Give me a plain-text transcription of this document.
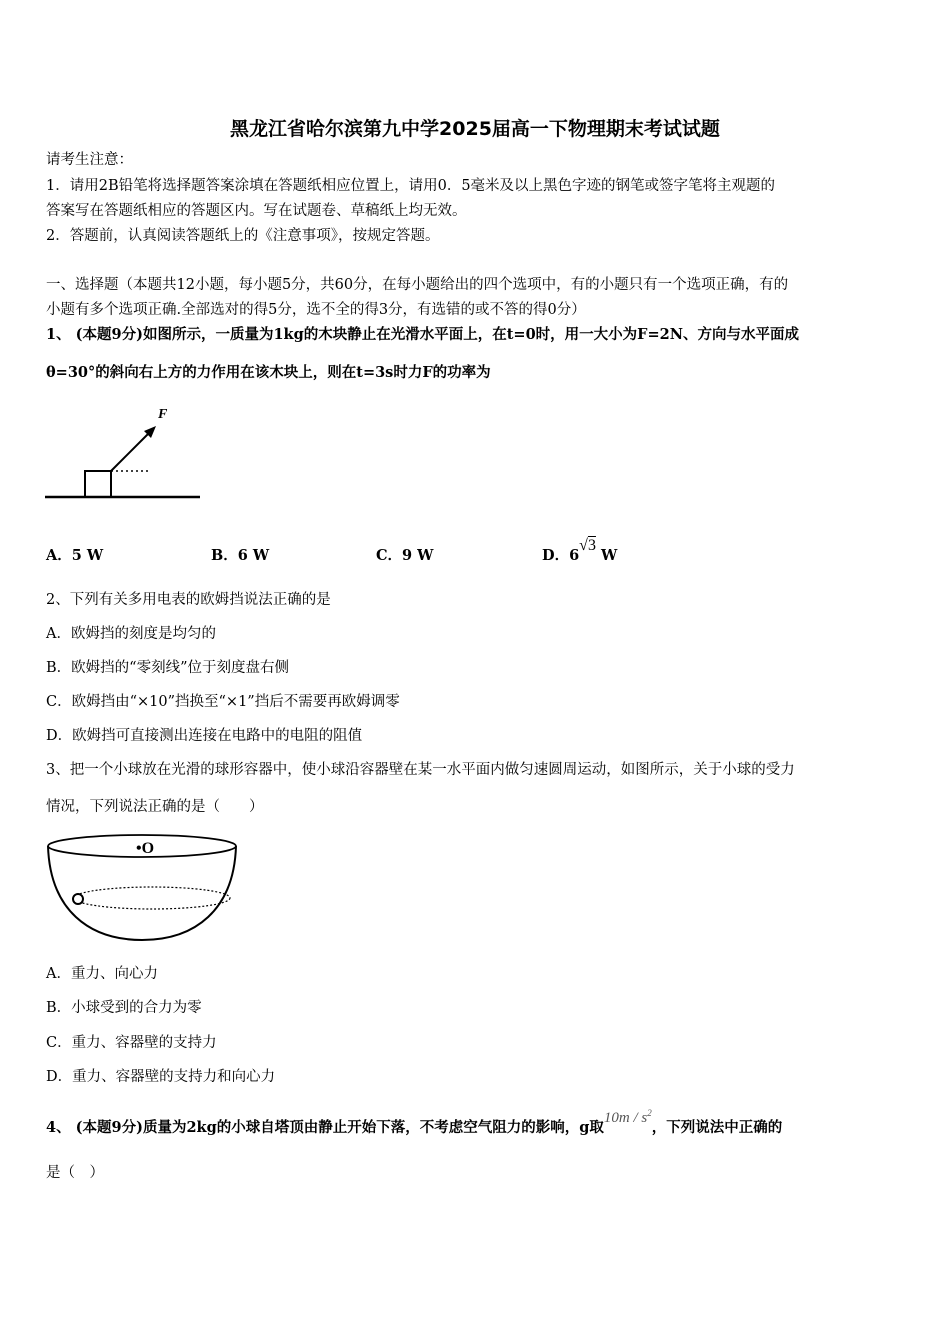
黑龙江省哈尔滨第九中学2025届高一下物理期末考试试题
请考生注意：
1．请用2B铅笔将选择题答案涂填在答题纸相应位置上，请用0．5毫米及以上黑色字迹的钢笔或签字笔将主观题的
答案写在答题纸相应的答题区内。写在试题卷、草稿纸上均无效。
2．答题前，认真阅读答题纸上的《注意事项》，按规定答题。
一、选择题（本题共12小题，每小题5分，共60分，在每小题给出的四个选项中，有的小题只有一个选项正确，有的
小题有多个选项正确.全部选对的得5分，选不全的得3分，有选错的或不答的得0分）
1、 (本题9分)如图所示，一质量为1kg的木块静止在光滑水平面上，在t=0时，用一大小为F=2N、方向与水平面成
θ=30°的斜向右上方的力作用在该木块上，则在t=3s时力F的功率为
F
A．5 W	B．6 W	C．9 W	D．6√3 W
2、下列有关多用电表的欧姆挡说法正确的是
A．欧姆挡的刻度是均匀的
B．欧姆挡的“零刻线”位于刻度盘右侧
C．欧姆挡由“×10”挡换至“×1”挡后不需要再欧姆调零
D．欧姆挡可直接测出连接在电路中的电阻的阻值
3、把一个小球放在光滑的球形容器中，使小球沿容器壁在某一水平面内做匀速圆周运动，如图所示，关于小球的受力
情况，下列说法正确的是（　　）
•O
A．重力、向心力
B．小球受到的合力为零
C．重力、容器壁的支持力
D．重力、容器壁的支持力和向心力
4、 (本题9分)质量为2kg的小球自塔顶由静止开始下落，不考虑空气阻力的影响，g取$10m / s^2$，下列说法中正确的
是（　）
